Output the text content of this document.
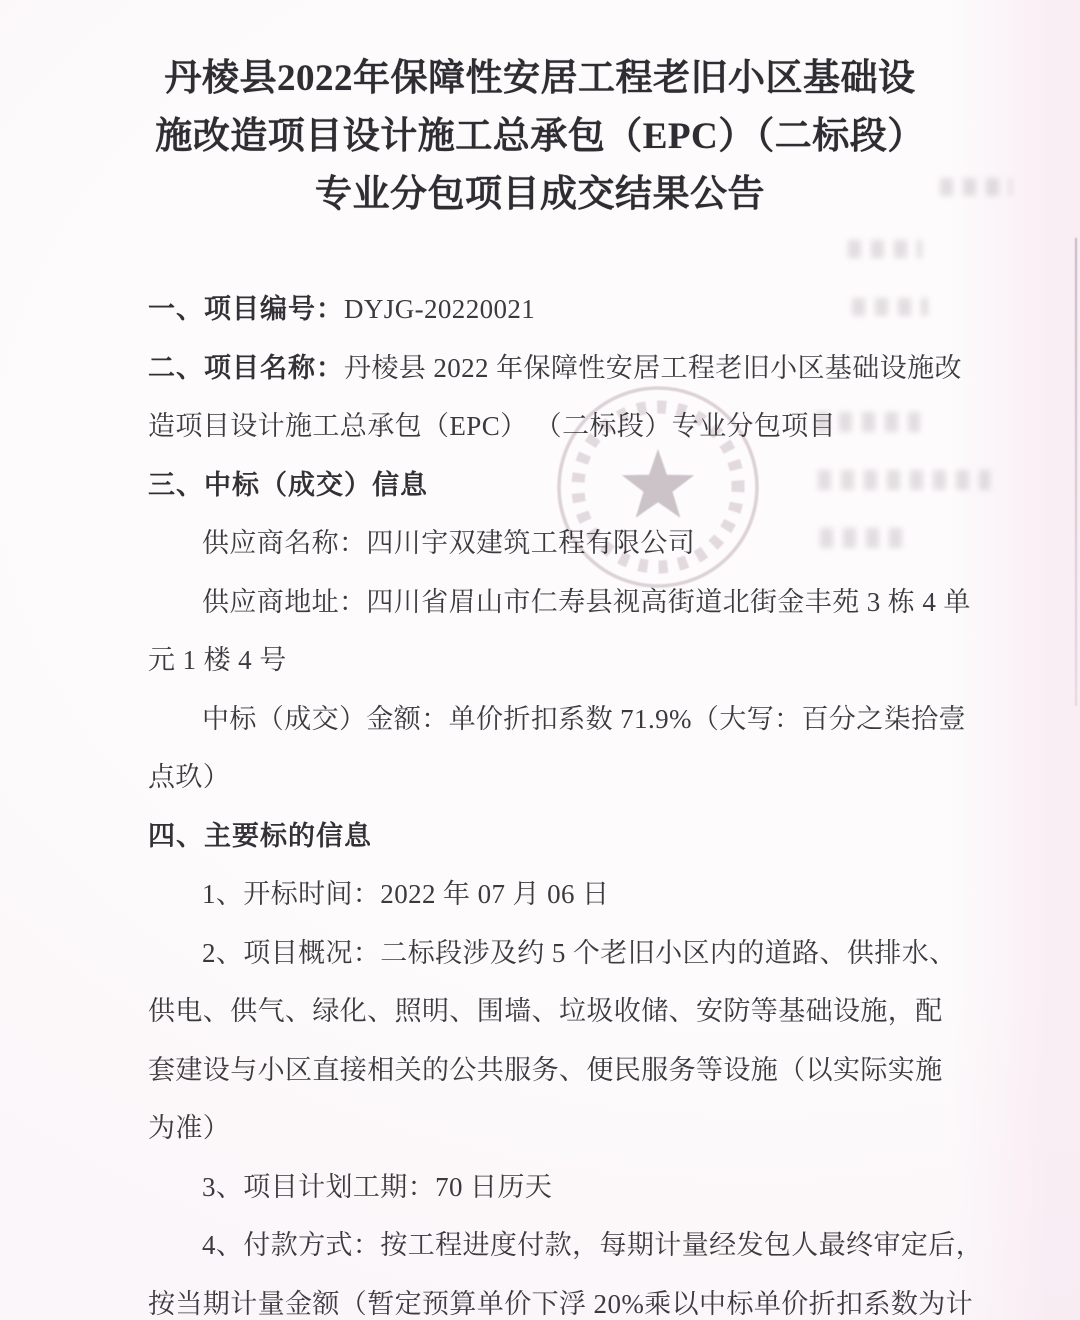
丹棱县2022年保障性安居工程老旧小区基础设
施改造项目设计施工总承包（EPC）（二标段）
专业分包项目成交结果公告
一、项目编号：DYJG-20220021
二、项目名称：丹棱县 2022 年保障性安居工程老旧小区基础设施改
造项目设计施工总承包（EPC） （二标段）专业分包项目
三、中标（成交）信息
供应商名称：四川宇双建筑工程有限公司
供应商地址：四川省眉山市仁寿县视高街道北街金丰苑 3 栋 4 单
元 1 楼 4 号
中标（成交）金额：单价折扣系数 71.9%（大写：百分之柒拾壹
点玖）
四、主要标的信息
1、开标时间：2022 年 07 月 06 日
2、项目概况：二标段涉及约 5 个老旧小区内的道路、供排水、
供电、供气、绿化、照明、围墙、垃圾收储、安防等基础设施，配
套建设与小区直接相关的公共服务、便民服务等设施（以实际实施
为准）
3、项目计划工期：70 日历天
4、付款方式：按工程进度付款，每期计量经发包人最终审定后，
按当期计量金额（暂定预算单价下浮 20%乘以中标单价折扣系数为计
